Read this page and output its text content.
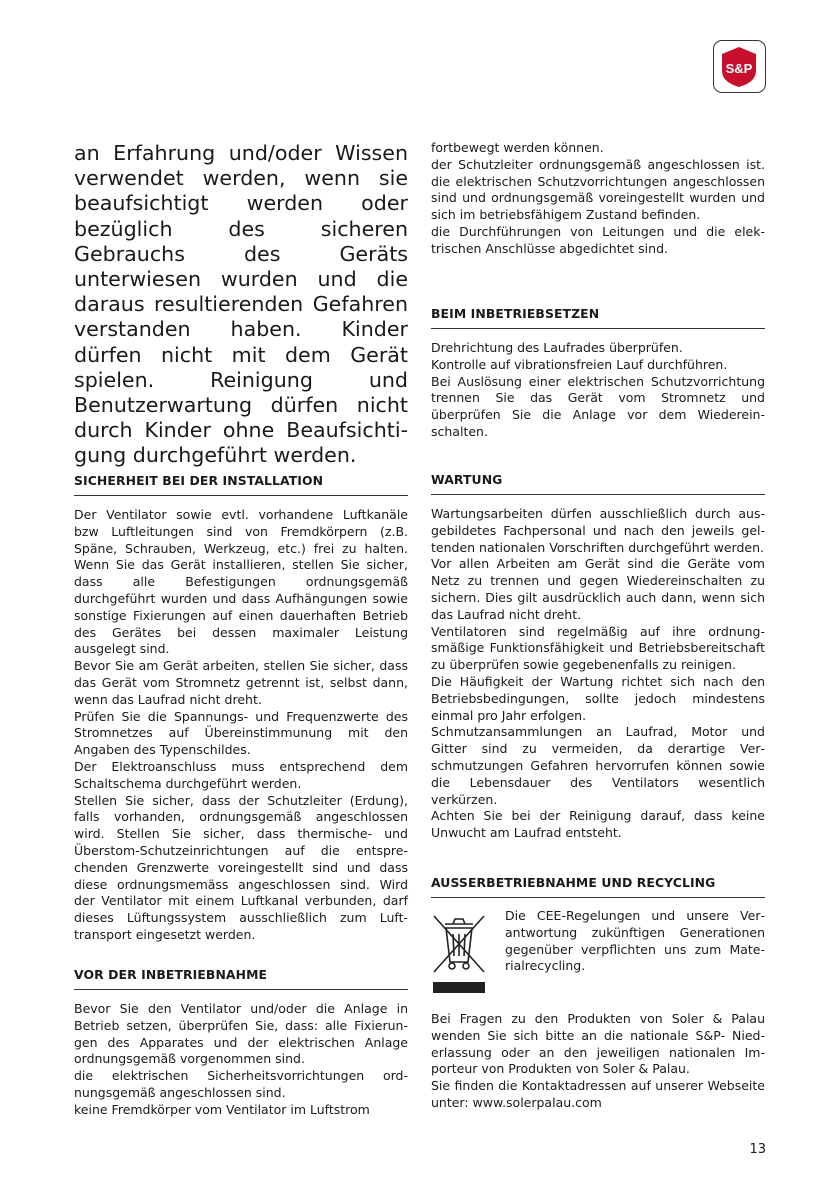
S&P

an Erfahrung und/oder Wissen verwendet werden, wenn sie beaufsichtigt werden oder bezüglich des sicheren Gebrauchs des Geräts unterwiesen wurden und die daraus resultierenden Gefahren verstanden haben. Kinder dürfen nicht mit dem Gerät spielen. Reinigung und Benutzerwartung dürfen nicht durch Kinder ohne Beaufsichtigung durchgeführt werden.

SICHERHEIT BEI DER INSTALLATION

Der Ventilator sowie evtl. vorhandene Luftkanäle bzw Luftleitungen sind von Fremdkörpern (z.B. Späne, Schrauben, Werkzeug, etc.) frei zu halten. Wenn Sie das Gerät installieren, stellen Sie sicher, dass alle Befestigungen ordnungsgemäß durchgeführt wurden und dass Aufhängungen sowie sonstige Fixierungen auf einen dauerhaften Betrieb des Gerätes bei dessen maximaler Leistung ausgelegt sind.

Bevor Sie am Gerät arbeiten, stellen Sie sicher, dass das Gerät vom Stromnetz getrennt ist, selbst dann, wenn das Laufrad nicht dreht.

Prüfen Sie die Spannungs- und Frequenzwerte des Stromnetzes auf Übereinstimmunung mit den Angaben des Typenschildes.

Der Elektroanschluss muss entsprechend dem Schaltschema durchgeführt werden.

Stellen Sie sicher, dass der Schutzleiter (Erdung), falls vorhanden, ordnungsgemäß angeschlossen wird. Stellen Sie sicher, dass thermische- und Überstom-Schutzeinrichtungen auf die entsprechenden Grenzwerte voreingestellt sind und dass diese ordnungsmemäss angeschlossen sind. Wird der Ventilator mit einem Luftkanal verbunden, darf dieses Lüftungssystem ausschließlich zum Lufttransport eingesetzt werden.

VOR DER INBETRIEBNAHME

Bevor Sie den Ventilator und/oder die Anlage in Betrieb setzen, überprüfen Sie, dass: alle Fixierungen des Apparates und der elektrischen Anlage ordnungsgemäß vorgenommen sind.

die elektrischen Sicherheitsvorrichtungen ordnungsgemäß angeschlossen sind.

keine Fremdkörper vom Ventilator im Luftstrom

fortbewegt werden können.

der Schutzleiter ordnungsgemäß angeschlossen ist. die elektrischen Schutzvorrichtungen angeschlossen sind und ordnungsgemäß voreingestellt wurden und sich im betriebsfähigem Zustand befinden.

die Durchführungen von Leitungen und die elektrischen Anschlüsse abgedichtet sind.

BEIM INBETRIEBSETZEN

Drehrichtung des Laufrades überprüfen.

Kontrolle auf vibrationsfreien Lauf durchführen.

Bei Auslösung einer elektrischen Schutzvorrichtung trennen Sie das Gerät vom Stromnetz und überprüfen Sie die Anlage vor dem Wiedereinschalten.

WARTUNG

Wartungsarbeiten dürfen ausschließlich durch ausgebildetes Fachpersonal und nach den jeweils geltenden nationalen Vorschriften durchgeführt werden.

Vor allen Arbeiten am Gerät sind die Geräte vom Netz zu trennen und gegen Wiedereinschalten zu sichern. Dies gilt ausdrücklich auch dann, wenn sich das Laufrad nicht dreht.

Ventilatoren sind regelmäßig auf ihre ordnungsmäßige Funktionsfähigkeit und Betriebsbereitschaft zu überprüfen sowie gegebenenfalls zu reinigen.

Die Häufigkeit der Wartung richtet sich nach den Betriebsbedingungen, sollte jedoch mindestens einmal pro Jahr erfolgen.

Schmutzansammlungen an Laufrad, Motor und Gitter sind zu vermeiden, da derartige Verschmutzungen Gefahren hervorrufen können sowie die Lebensdauer des Ventilators wesentlich verkürzen.

Achten Sie bei der Reinigung darauf, dass keine Unwucht am Laufrad entsteht.

AUSSERBETRIEBNAHME UND RECYCLING

Die CEE-Regelungen und unsere Verantwortung zukünftigen Generationen gegenüber verpflichten uns zum Materialrecycling.

Bei Fragen zu den Produkten von Soler & Palau wenden Sie sich bitte an die nationale S&P- Niederlassung oder an den jeweiligen nationalen Importeur von Produkten von Soler & Palau.

Sie finden die Kontaktadressen auf unserer Webseite unter: www.solerpalau.com

13
